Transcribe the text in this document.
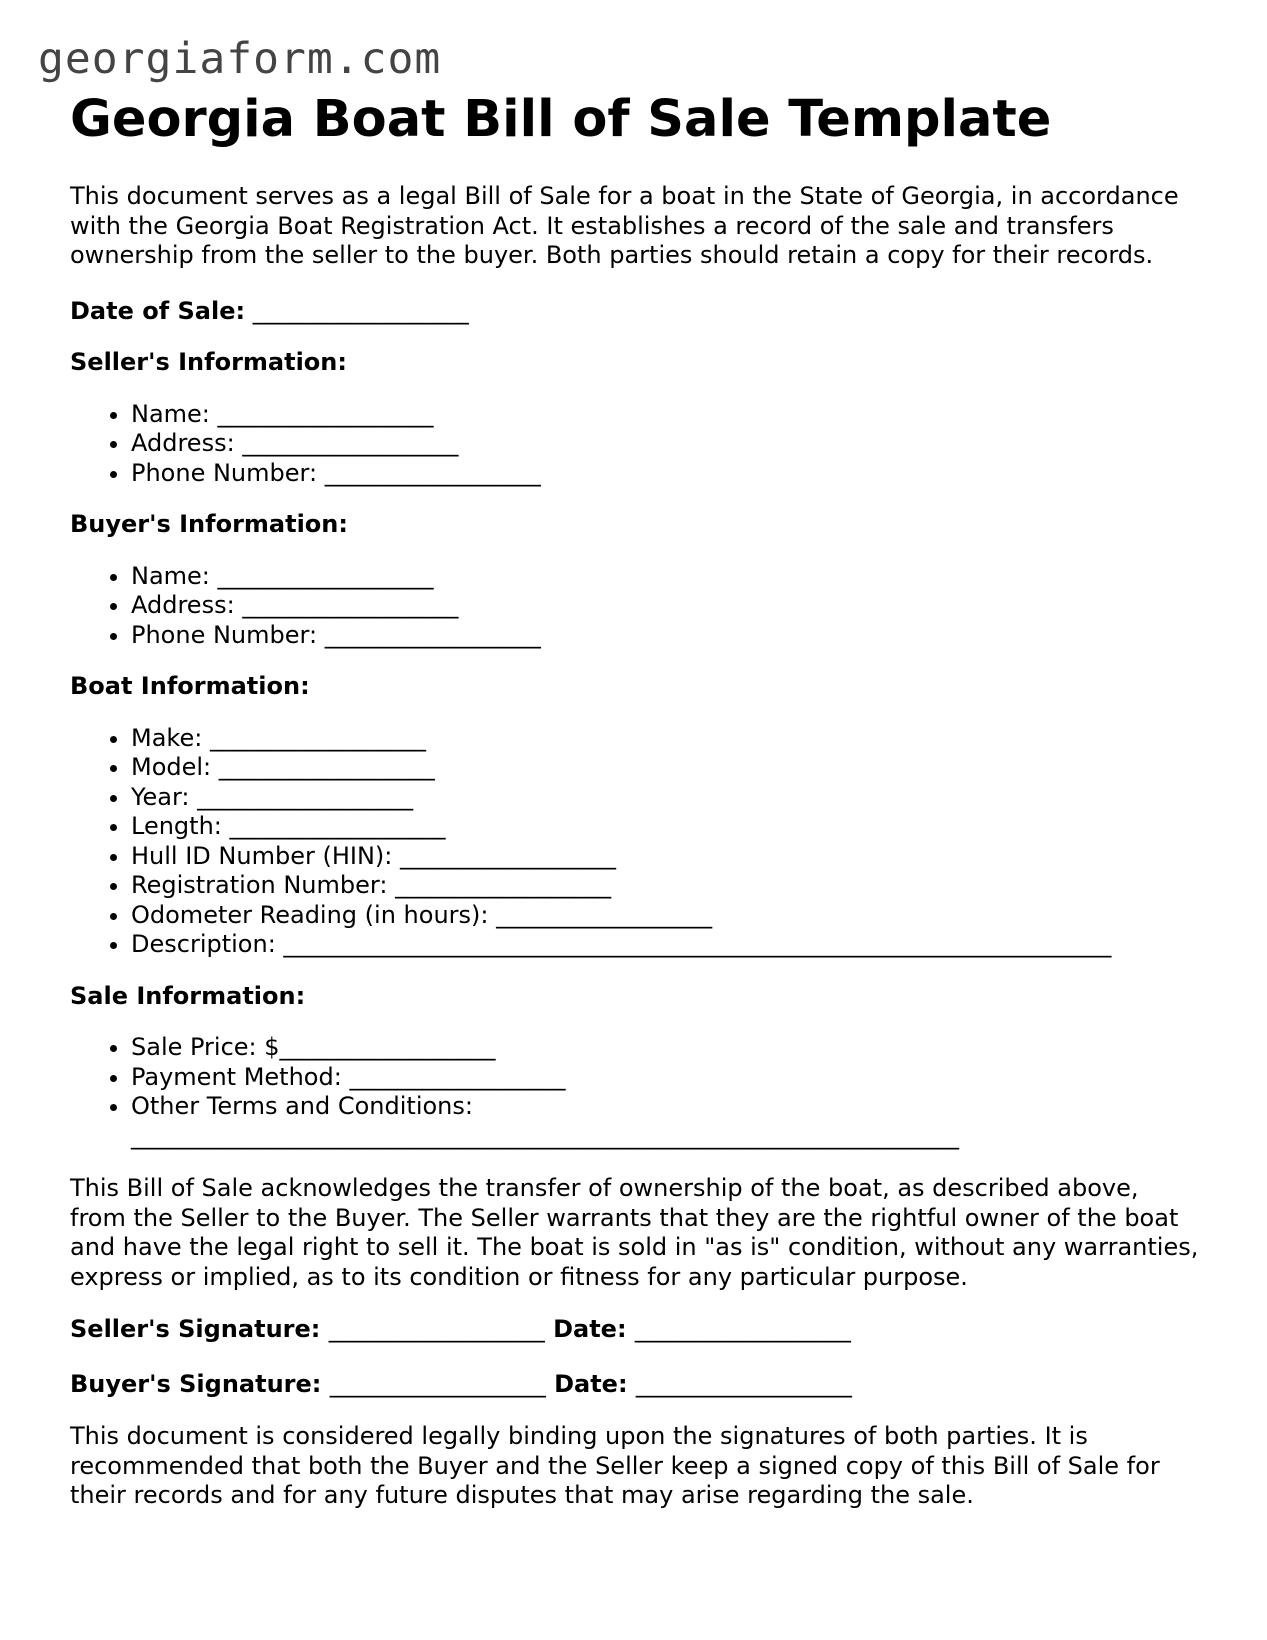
georgiaform.com
Georgia Boat Bill of Sale Template

This document serves as a legal Bill of Sale for a boat in the State of Georgia, in accordance with the Georgia Boat Registration Act. It establishes a record of the sale and transfers ownership from the seller to the buyer. Both parties should retain a copy for their records.

Date of Sale: __________________
Seller's Information:
• Name: __________________
• Address: __________________
• Phone Number: __________________
Buyer's Information:
• Name: __________________
• Address: __________________
• Phone Number: __________________
Boat Information:
• Make: __________________
• Model: __________________
• Year: __________________
• Length: __________________
• Hull ID Number (HIN): __________________
• Registration Number: __________________
• Odometer Reading (in hours): __________________
• Description: _____________________________________________________________________
Sale Information:
• Sale Price: $__________________
• Payment Method: __________________
• Other Terms and Conditions:
_____________________________________________________________________

This Bill of Sale acknowledges the transfer of ownership of the boat, as described above, from the Seller to the Buyer. The Seller warrants that they are the rightful owner of the boat and have the legal right to sell it. The boat is sold in "as is" condition, without any warranties, express or implied, as to its condition or fitness for any particular purpose.

Seller's Signature: __________________ Date: __________________
Buyer's Signature: __________________ Date: __________________

This document is considered legally binding upon the signatures of both parties. It is recommended that both the Buyer and the Seller keep a signed copy of this Bill of Sale for their records and for any future disputes that may arise regarding the sale.
